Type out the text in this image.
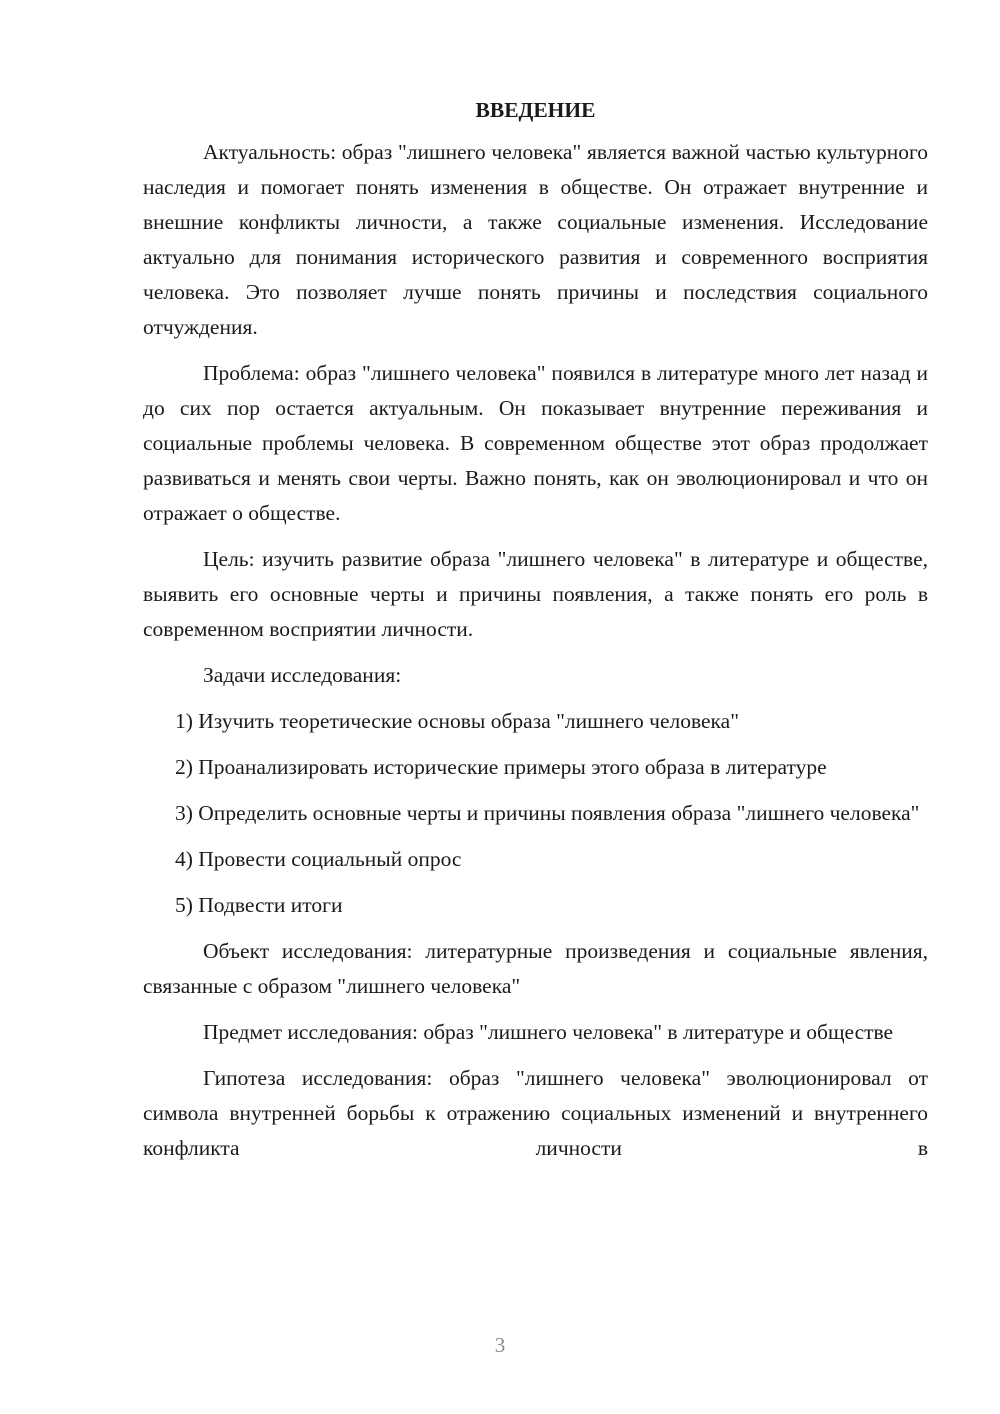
ВВЕДЕНИЕ

Актуальность: образ "лишнего человека" является важной частью культурного наследия и помогает понять изменения в обществе. Он отражает внутренние и внешние конфликты личности, а также социальные изменения. Исследование актуально для понимания исторического развития и современного восприятия человека. Это позволяет лучше понять причины и последствия социального отчуждения.

Проблема: образ "лишнего человека" появился в литературе много лет назад и до сих пор остается актуальным. Он показывает внутренние переживания и социальные проблемы человека. В современном обществе этот образ продолжает развиваться и менять свои черты. Важно понять, как он эволюционировал и что он отражает о обществе.

Цель: изучить развитие образа "лишнего человека" в литературе и обществе, выявить его основные черты и причины появления, а также понять его роль в современном восприятии личности.

Задачи исследования:

1) Изучить теоретические основы образа "лишнего человека"

2) Проанализировать исторические примеры этого образа в литературе

3) Определить основные черты и причины появления образа "лишнего человека"

4) Провести социальный опрос

5) Подвести итоги

Объект исследования: литературные произведения и социальные явления, связанные с образом "лишнего человека"

Предмет исследования: образ "лишнего человека" в литературе и обществе

Гипотеза исследования: образ "лишнего человека" эволюционировал от символа внутренней борьбы к отражению социальных изменений и внутреннего конфликта личности в

3
